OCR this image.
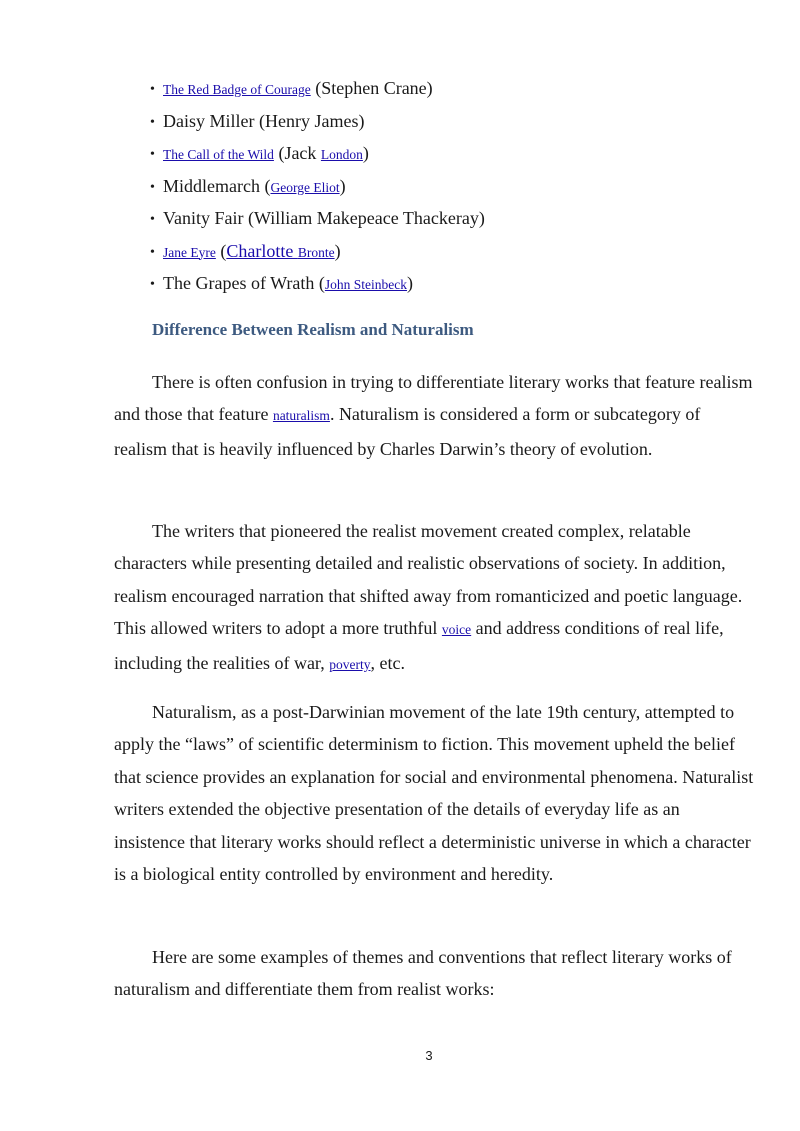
• The Red Badge of Courage (Stephen Crane)
• Daisy Miller (Henry James)
• The Call of the Wild (Jack London)
• Middlemarch (George Eliot)
• Vanity Fair (William Makepeace Thackeray)
• Jane Eyre (Charlotte Bronte)
• The Grapes of Wrath (John Steinbeck)
Difference Between Realism and Naturalism

There is often confusion in trying to differentiate literary works that feature realism and those that feature naturalism. Naturalism is considered a form or subcategory of realism that is heavily influenced by Charles Darwin’s theory of evolution.

The writers that pioneered the realist movement created complex, relatable characters while presenting detailed and realistic observations of society. In addition, realism encouraged narration that shifted away from romanticized and poetic language. This allowed writers to adopt a more truthful voice and address conditions of real life, including the realities of war, poverty, etc.

Naturalism, as a post-Darwinian movement of the late 19th century, attempted to apply the “laws” of scientific determinism to fiction. This movement upheld the belief that science provides an explanation for social and environmental phenomena. Naturalist writers extended the objective presentation of the details of everyday life as an insistence that literary works should reflect a deterministic universe in which a character is a biological entity controlled by environment and heredity.

Here are some examples of themes and conventions that reflect literary works of naturalism and differentiate them from realist works:

3
